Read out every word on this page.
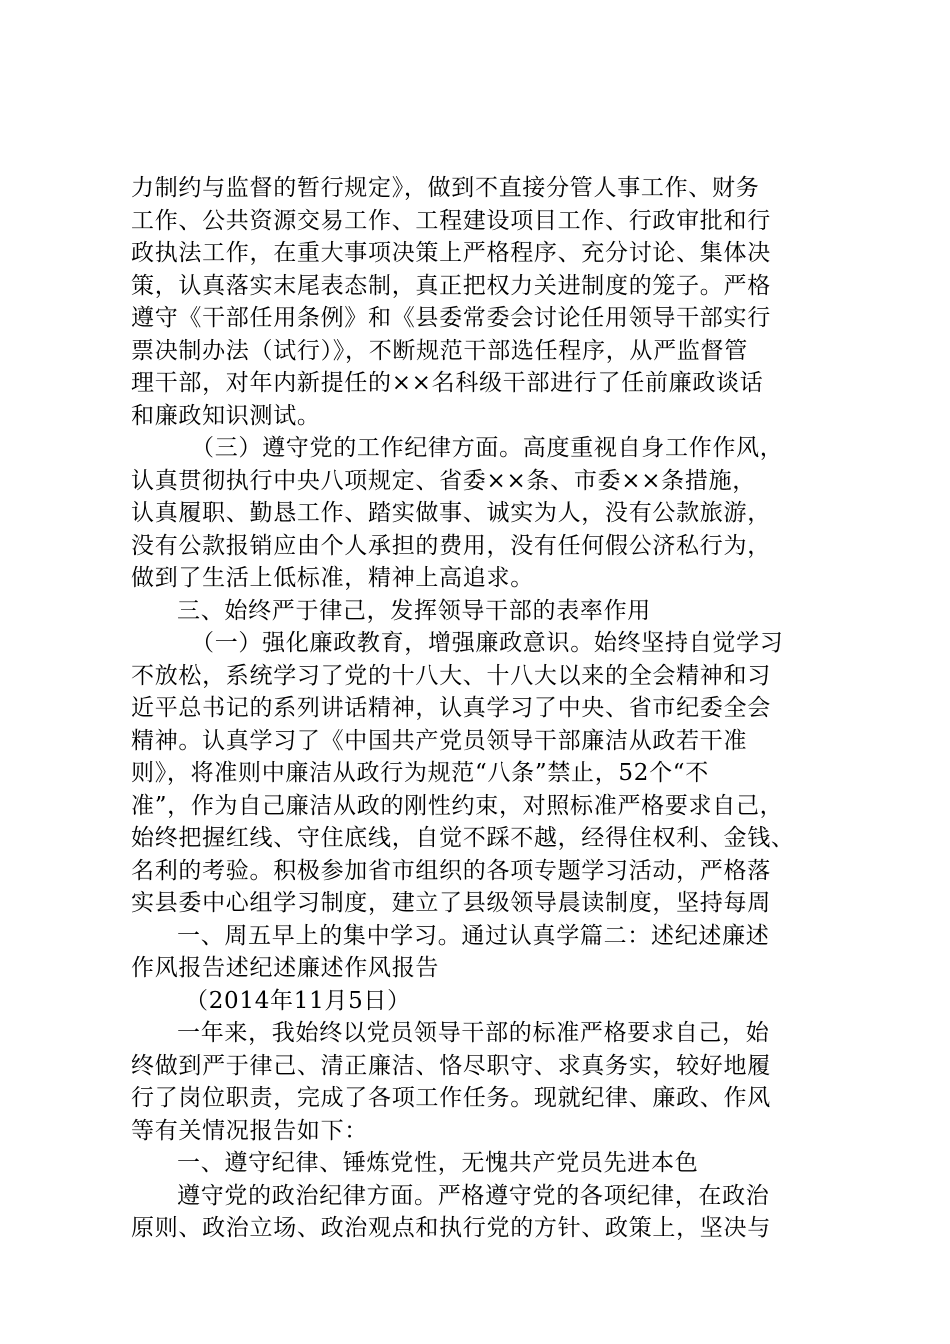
力制约与监督的暂行规定》，做到不直接分管人事工作、财务
工作、公共资源交易工作、工程建设项目工作、行政审批和行
政执法工作，在重大事项决策上严格程序、充分讨论、集体决
策，认真落实末尾表态制，真正把权力关进制度的笼子。严格
遵守《干部任用条例》和《县委常委会讨论任用领导干部实行
票决制办法（试行）》，不断规范干部选任程序，从严监督管
理干部，对年内新提任的××名科级干部进行了任前廉政谈话
和廉政知识测试。
（三）遵守党的工作纪律方面。高度重视自身工作作风，
认真贯彻执行中央八项规定、省委××条、市委××条措施，
认真履职、勤恳工作、踏实做事、诚实为人，没有公款旅游，
没有公款报销应由个人承担的费用，没有任何假公济私行为，
做到了生活上低标准，精神上高追求。
三、始终严于律己，发挥领导干部的表率作用
（一）强化廉政教育，增强廉政意识。始终坚持自觉学习
不放松，系统学习了党的十八大、十八大以来的全会精神和习
近平总书记的系列讲话精神，认真学习了中央、省市纪委全会
精神。认真学习了《中国共产党员领导干部廉洁从政若干准
则》，将准则中廉洁从政行为规范“八条”禁止，52个“不
准”，作为自己廉洁从政的刚性约束，对照标准严格要求自己，
始终把握红线、守住底线，自觉不踩不越，经得住权利、金钱、
名利的考验。积极参加省市组织的各项专题学习活动，严格落
实县委中心组学习制度，建立了县级领导晨读制度，坚持每周
一、周五早上的集中学习。通过认真学篇二：述纪述廉述
作风报告述纪述廉述作风报告
（2014年11月5日）
一年来，我始终以党员领导干部的标准严格要求自己，始
终做到严于律己、清正廉洁、恪尽职守、求真务实，较好地履
行了岗位职责，完成了各项工作任务。现就纪律、廉政、作风
等有关情况报告如下：
一、遵守纪律、锤炼党性，无愧共产党员先进本色
遵守党的政治纪律方面。严格遵守党的各项纪律，在政治
原则、政治立场、政治观点和执行党的方针、政策上，坚决与
